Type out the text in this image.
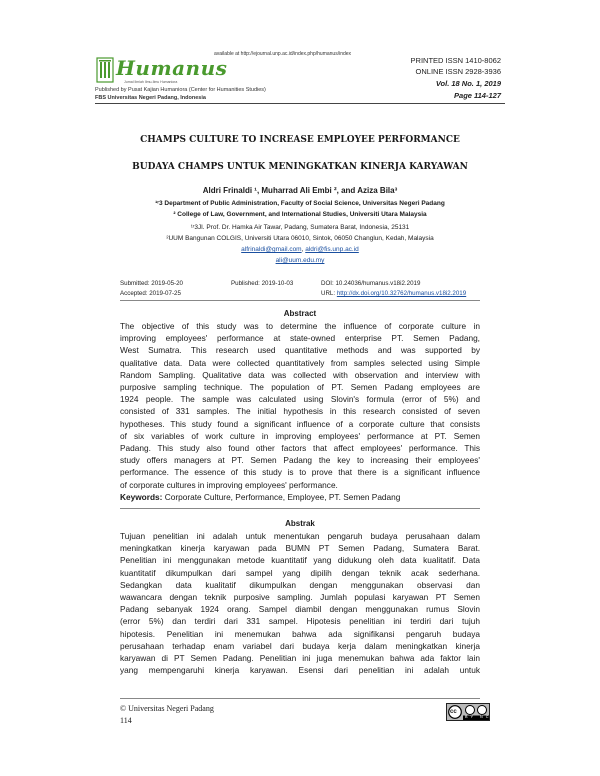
available at http://ejournal.unp.ac.id/index.php/humanus/index
Humanus
Jurnal Ilmiah Ilmu-Ilmu Humaniora
Published by Pusat Kajian Humaniora (Center for Humanities Studies)
FBS Universitas Negeri Padang, Indonesia
PRINTED ISSN 1410-8062
ONLINE ISSN 2928-3936
Vol. 18 No. 1, 2019
Page 114-127
CHAMPS CULTURE TO INCREASE EMPLOYEE PERFORMANCE
BUDAYA CHAMPS UNTUK MENINGKATKAN KINERJA KARYAWAN
Aldri Frinaldi ¹, Muharrad Ali Embi ², and Aziza Bila³
¹ʳ3 Department of Public Administration, Faculty of Social Science, Universitas Negeri Padang
² College of Law, Government, and International Studies, Universiti Utara Malaysia
¹ʳ3Jl. Prof. Dr. Hamka Air Tawar, Padang, Sumatera Barat, Indonesia, 25131
²UUM Bangunan COLGIS, Universiti Utara 06010, Sintok, 06050 Changlun, Kedah, Malaysia
alfrinaldi@gmail.com, aldri@fis.unp.ac.id
ali@uum.edu.my
Submitted: 2019-05-20
Accepted: 2019-07-25
Published: 2019-10-03	DOI: 10.24036/humanus.v18i2.2019
URL: http://dx.doi.org/10.32762/humanus.v18i2.2019
Abstract
The objective of this study was to determine the influence of corporate culture in
improving employees' performance at state-owned enterprise PT. Semen Padang,
West Sumatra. This research used quantitative methods and was supported by
qualitative data. Data were collected quantitatively from samples selected using Simple
Random Sampling. Qualitative data was collected with observation and interview with
purposive sampling technique. The population of PT. Semen Padang employees are
1924 people. The sample was calculated using Slovin's formula (error of 5%) and
consisted of 331 samples. The initial hypothesis in this research consisted of seven
hypotheses. This study found a significant influence of a corporate culture that consists
of six variables of work culture in improving employees' performance at PT. Semen
Padang. This study also found other factors that affect employees' performance. This
study offers managers at PT. Semen Padang the key to increasing their employees'
performance. The essence of this study is to prove that there is a significant influence
of corporate cultures in improving employees' performance.
Keywords: Corporate Culture, Performance, Employee, PT. Semen Padang
Abstrak
Tujuan penelitian ini adalah untuk menentukan pengaruh budaya perusahaan dalam
meningkatkan kinerja karyawan pada BUMN PT Semen Padang, Sumatera Barat.
Penelitian ini menggunakan metode kuantitatif yang didukung oleh data kualitatif. Data
kuantitatif dikumpulkan dari sampel yang dipilih dengan teknik acak sederhana.
Sedangkan data kualitatif dikumpulkan dengan menggunakan observasi dan
wawancara dengan teknik purposive sampling. Jumlah populasi karyawan PT Semen
Padang sebanyak 1924 orang. Sampel diambil dengan menggunakan rumus Slovin
(error 5%) dan terdiri dari 331 sampel. Hipotesis penelitian ini terdiri dari tujuh
hipotesis. Penelitian ini menemukan bahwa ada signifikansi pengaruh budaya
perusahaan terhadap enam variabel dari budaya kerja dalam meningkatkan kinerja
karyawan di PT Semen Padang. Penelitian ini juga menemukan bahwa ada faktor lain
yang mempengaruhi kinerja karyawan. Esensi dari penelitian ini adalah untuk
© Universitas Negeri Padang
114
cc
BY NC
